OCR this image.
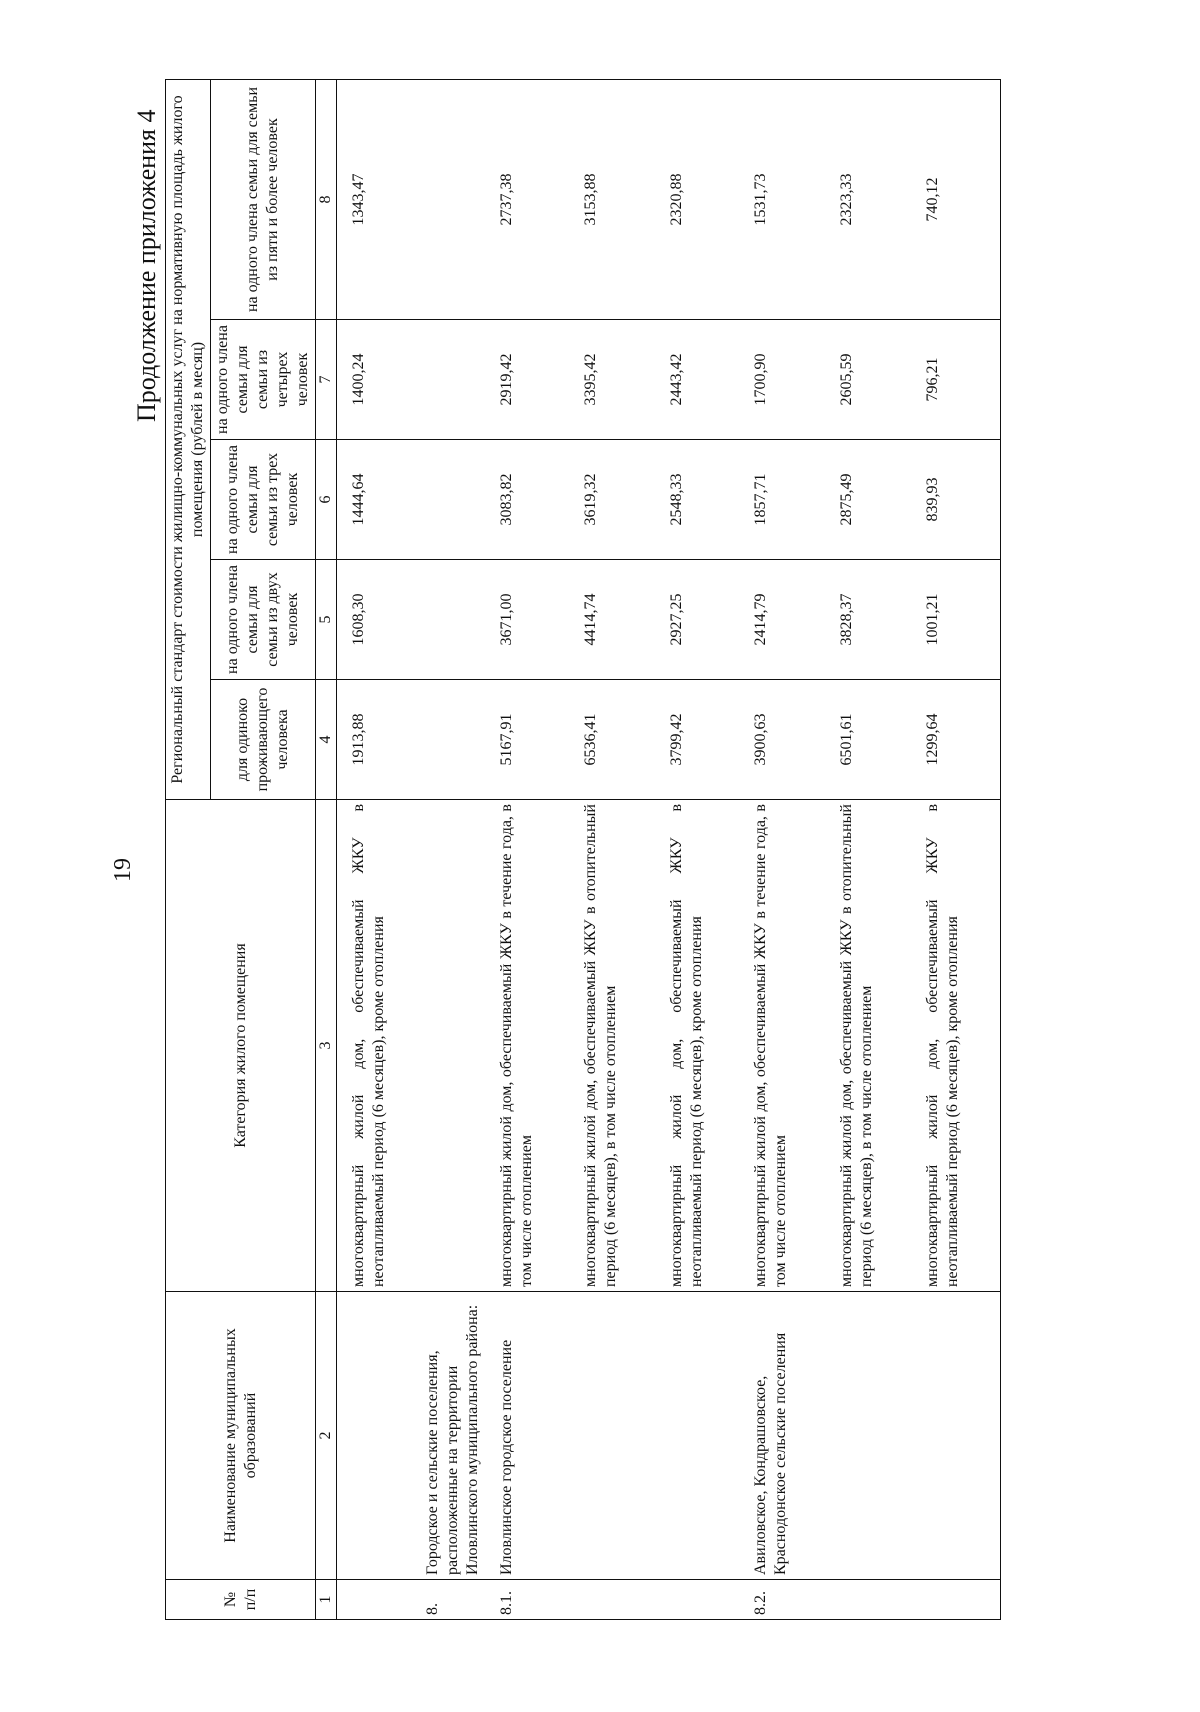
19
Продолжение приложения 4
№ п/п	Наименование муниципальных образований	Категория жилого помещения	Региональный стандарт стоимости жилищно-коммунальных услуг на нормативную площадь жилого помещения (рублей в месяц)				
			для одиноко проживающего человека	на одного члена семьи для семьи из двух человек	на одного члена семьи для семьи из трех человек	на одного члена семьи для семьи из четырех человек	на одного члена семьи для семьи из пяти и более человек
1	2	3	4	5	6	7	8
		многоквартирный жилой дом, обеспечиваемый ЖКУ в неотапливаемый период (6 месяцев), кроме отопления	1913,88	1608,30	1444,64	1400,24	1343,47
8.	Городское и сельские поселения, расположенные на территории Иловлинского муниципального района:						
8.1.	Иловлинское городское поселение	многоквартирный жилой дом, обеспечиваемый ЖКУ в течение года, в том числе отоплением	5167,91	3671,00	3083,82	2919,42	2737,38
		многоквартирный жилой дом, обеспечиваемый ЖКУ в отопительный период (6 месяцев), в том числе отоплением	6536,41	4414,74	3619,32	3395,42	3153,88
		многоквартирный жилой дом, обеспечиваемый ЖКУ в неотапливаемый период (6 месяцев), кроме отопления	3799,42	2927,25	2548,33	2443,42	2320,88
8.2.	Авиловское, Кондрашовское, Краснодонское сельские поселения	многоквартирный жилой дом, обеспечиваемый ЖКУ в течение года, в том числе отоплением	3900,63	2414,79	1857,71	1700,90	1531,73
		многоквартирный жилой дом, обеспечиваемый ЖКУ в отопительный период (6 месяцев), в том числе отоплением	6501,61	3828,37	2875,49	2605,59	2323,33
		многоквартирный жилой дом, обеспечиваемый ЖКУ в неотапливаемый период (6 месяцев), кроме отопления	1299,64	1001,21	839,93	796,21	740,12
